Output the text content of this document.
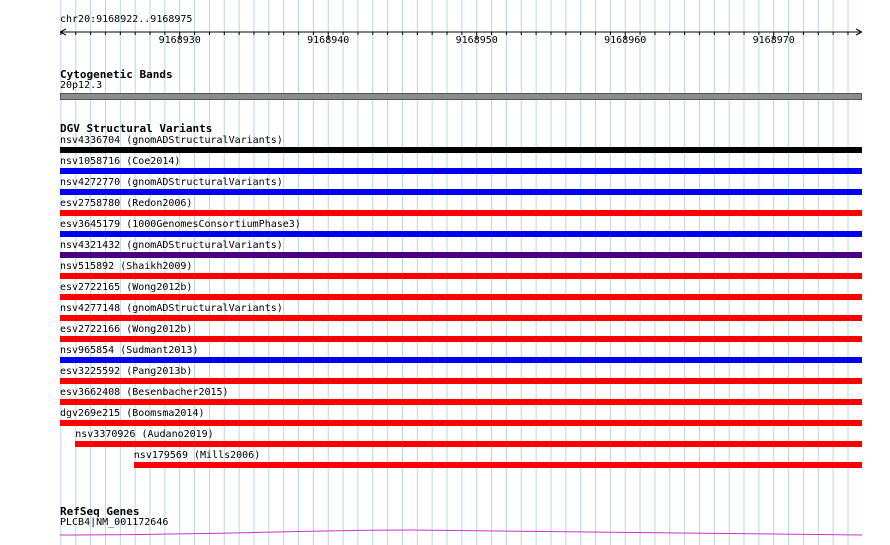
chr20:9168922..9168975
9168930	9168940	9168950	9168960	9168970
Cytogenetic Bands
20p12.3
DGV Structural Variants
nsv4336704 (gnomADStructuralVariants)
nsv1058716 (Coe2014)
nsv4272770 (gnomADStructuralVariants)
esv2758780 (Redon2006)
esv3645179 (1000GenomesConsortiumPhase3)
nsv4321432 (gnomADStructuralVariants)
nsv515892 (Shaikh2009)
esv2722165 (Wong2012b)
nsv4277148 (gnomADStructuralVariants)
esv2722166 (Wong2012b)
nsv965854 (Sudmant2013)
esv3225592 (Pang2013b)
esv3662408 (Besenbacher2015)
dgv269e215 (Boomsma2014)
nsv3370926 (Audano2019)
nsv179569 (Mills2006)
RefSeq Genes
PLCB4|NM_001172646
